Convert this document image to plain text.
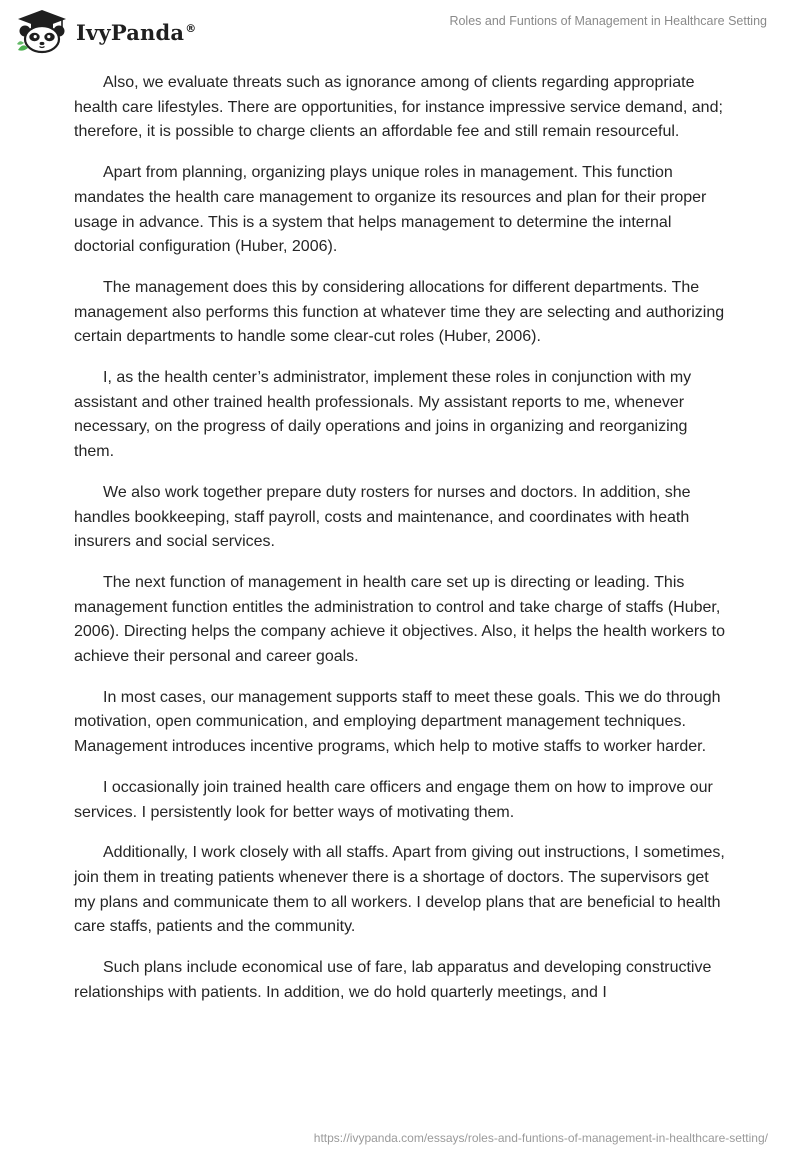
IvyPanda®	Roles and Funtions of Management in Healthcare Setting

Also, we evaluate threats such as ignorance among of clients regarding appropriate health care lifestyles. There are opportunities, for instance impressive service demand, and; therefore, it is possible to charge clients an affordable fee and still remain resourceful.

Apart from planning, organizing plays unique roles in management. This function mandates the health care management to organize its resources and plan for their proper usage in advance. This is a system that helps management to determine the internal doctorial configuration (Huber, 2006).

The management does this by considering allocations for different departments. The management also performs this function at whatever time they are selecting and authorizing certain departments to handle some clear-cut roles (Huber, 2006).

I, as the health center’s administrator, implement these roles in conjunction with my assistant and other trained health professionals. My assistant reports to me, whenever necessary, on the progress of daily operations and joins in organizing and reorganizing them.

We also work together prepare duty rosters for nurses and doctors. In addition, she handles bookkeeping, staff payroll, costs and maintenance, and coordinates with heath insurers and social services.

The next function of management in health care set up is directing or leading. This management function entitles the administration to control and take charge of staffs (Huber, 2006). Directing helps the company achieve it objectives. Also, it helps the health workers to achieve their personal and career goals.

In most cases, our management supports staff to meet these goals. This we do through motivation, open communication, and employing department management techniques. Management introduces incentive programs, which help to motive staffs to worker harder.

I occasionally join trained health care officers and engage them on how to improve our services. I persistently look for better ways of motivating them.

Additionally, I work closely with all staffs. Apart from giving out instructions, I sometimes, join them in treating patients whenever there is a shortage of doctors. The supervisors get my plans and communicate them to all workers. I develop plans that are beneficial to health care staffs, patients and the community.

Such plans include economical use of fare, lab apparatus and developing constructive relationships with patients. In addition, we do hold quarterly meetings, and I

https://ivypanda.com/essays/roles-and-funtions-of-management-in-healthcare-setting/
